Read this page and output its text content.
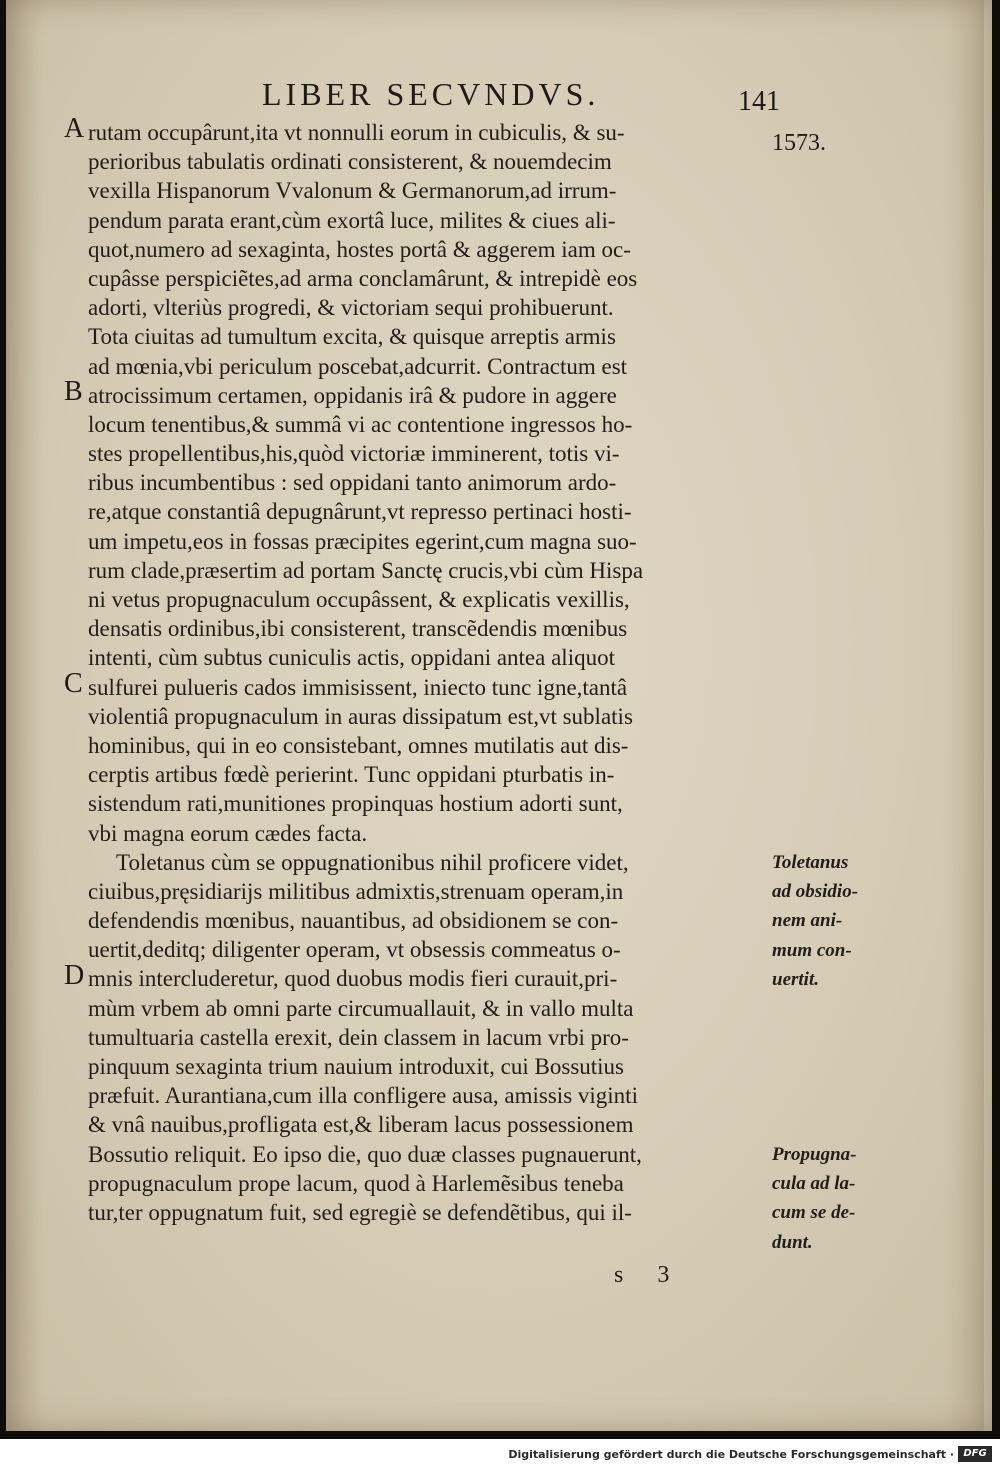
LIBER SECVNDVS.	141
1573.
A
B
C
D
rutam occupârunt,ita vt nonnulli eorum in cubiculis, & su-
perioribus tabulatis ordinati consisterent, & nouemdecim
vexilla Hispanorum Vvalonum & Germanorum,ad irrum-
pendum parata erant,cùm exortâ luce, milites & ciues ali-
quot,numero ad sexaginta, hostes portâ & aggerem iam oc-
cupâsse perspiciẽtes,ad arma conclamârunt, & intrepidè eos
adorti, vlteriùs progredi, & victoriam sequi prohibuerunt.
Tota ciuitas ad tumultum excita, & quisque arreptis armis
ad mœnia,vbi periculum poscebat,adcurrit. Contractum est
atrocissimum certamen, oppidanis irâ & pudore in aggere
locum tenentibus,& summâ vi ac contentione ingressos ho-
stes propellentibus,his,quòd victoriæ imminerent, totis vi-
ribus incumbentibus : sed oppidani tanto animorum ardo-
re,atque constantiâ depugnârunt,vt represso pertinaci hosti-
um impetu,eos in fossas præcipites egerint,cum magna suo-
rum clade,præsertim ad portam Sanctę crucis,vbi cùm Hispa
ni vetus propugnaculum occupâssent, & explicatis vexillis,
densatis ordinibus,ibi consisterent, transcẽdendis mœnibus
intenti, cùm subtus cuniculis actis, oppidani antea aliquot
sulfurei pulueris cados immisissent, iniecto tunc igne,tantâ
violentiâ propugnaculum in auras dissipatum est,vt sublatis
hominibus, qui in eo consistebant, omnes mutilatis aut dis-
cerptis artibus fœdè perierint. Tunc oppidani pturbatis in-
sistendum rati,munitiones propinquas hostium adorti sunt,
vbi magna eorum cædes facta.
Toletanus cùm se oppugnationibus nihil proficere videt,
ciuibus,pręsidiarijs militibus admixtis,strenuam operam,in
defendendis mœnibus, nauantibus, ad obsidionem se con-
uertit,deditq; diligenter operam, vt obsessis commeatus o-
mnis intercluderetur, quod duobus modis fieri curauit,pri-
mùm vrbem ab omni parte circumuallauit, & in vallo multa
tumultuaria castella erexit, dein classem in lacum vrbi pro-
pinquum sexaginta trium nauium introduxit, cui Bossutius
præfuit. Aurantiana,cum illa confligere ausa, amissis viginti
& vnâ nauibus,profligata est,& liberam lacus possessionem
Bossutio reliquit. Eo ipso die, quo duæ classes pugnauerunt,
propugnaculum prope lacum, quod à Harlemẽsibus teneba
tur,ter oppugnatum fuit, sed egregiè se defendẽtibus, qui il-
Toletanus
ad obsidio-
nem ani-
mum con-
uertit.
Propugna-
cula ad la-
cum se de-
dunt.
s 3
Digitalisierung gefördert durch die Deutsche Forschungsgemeinschaft · DFG
